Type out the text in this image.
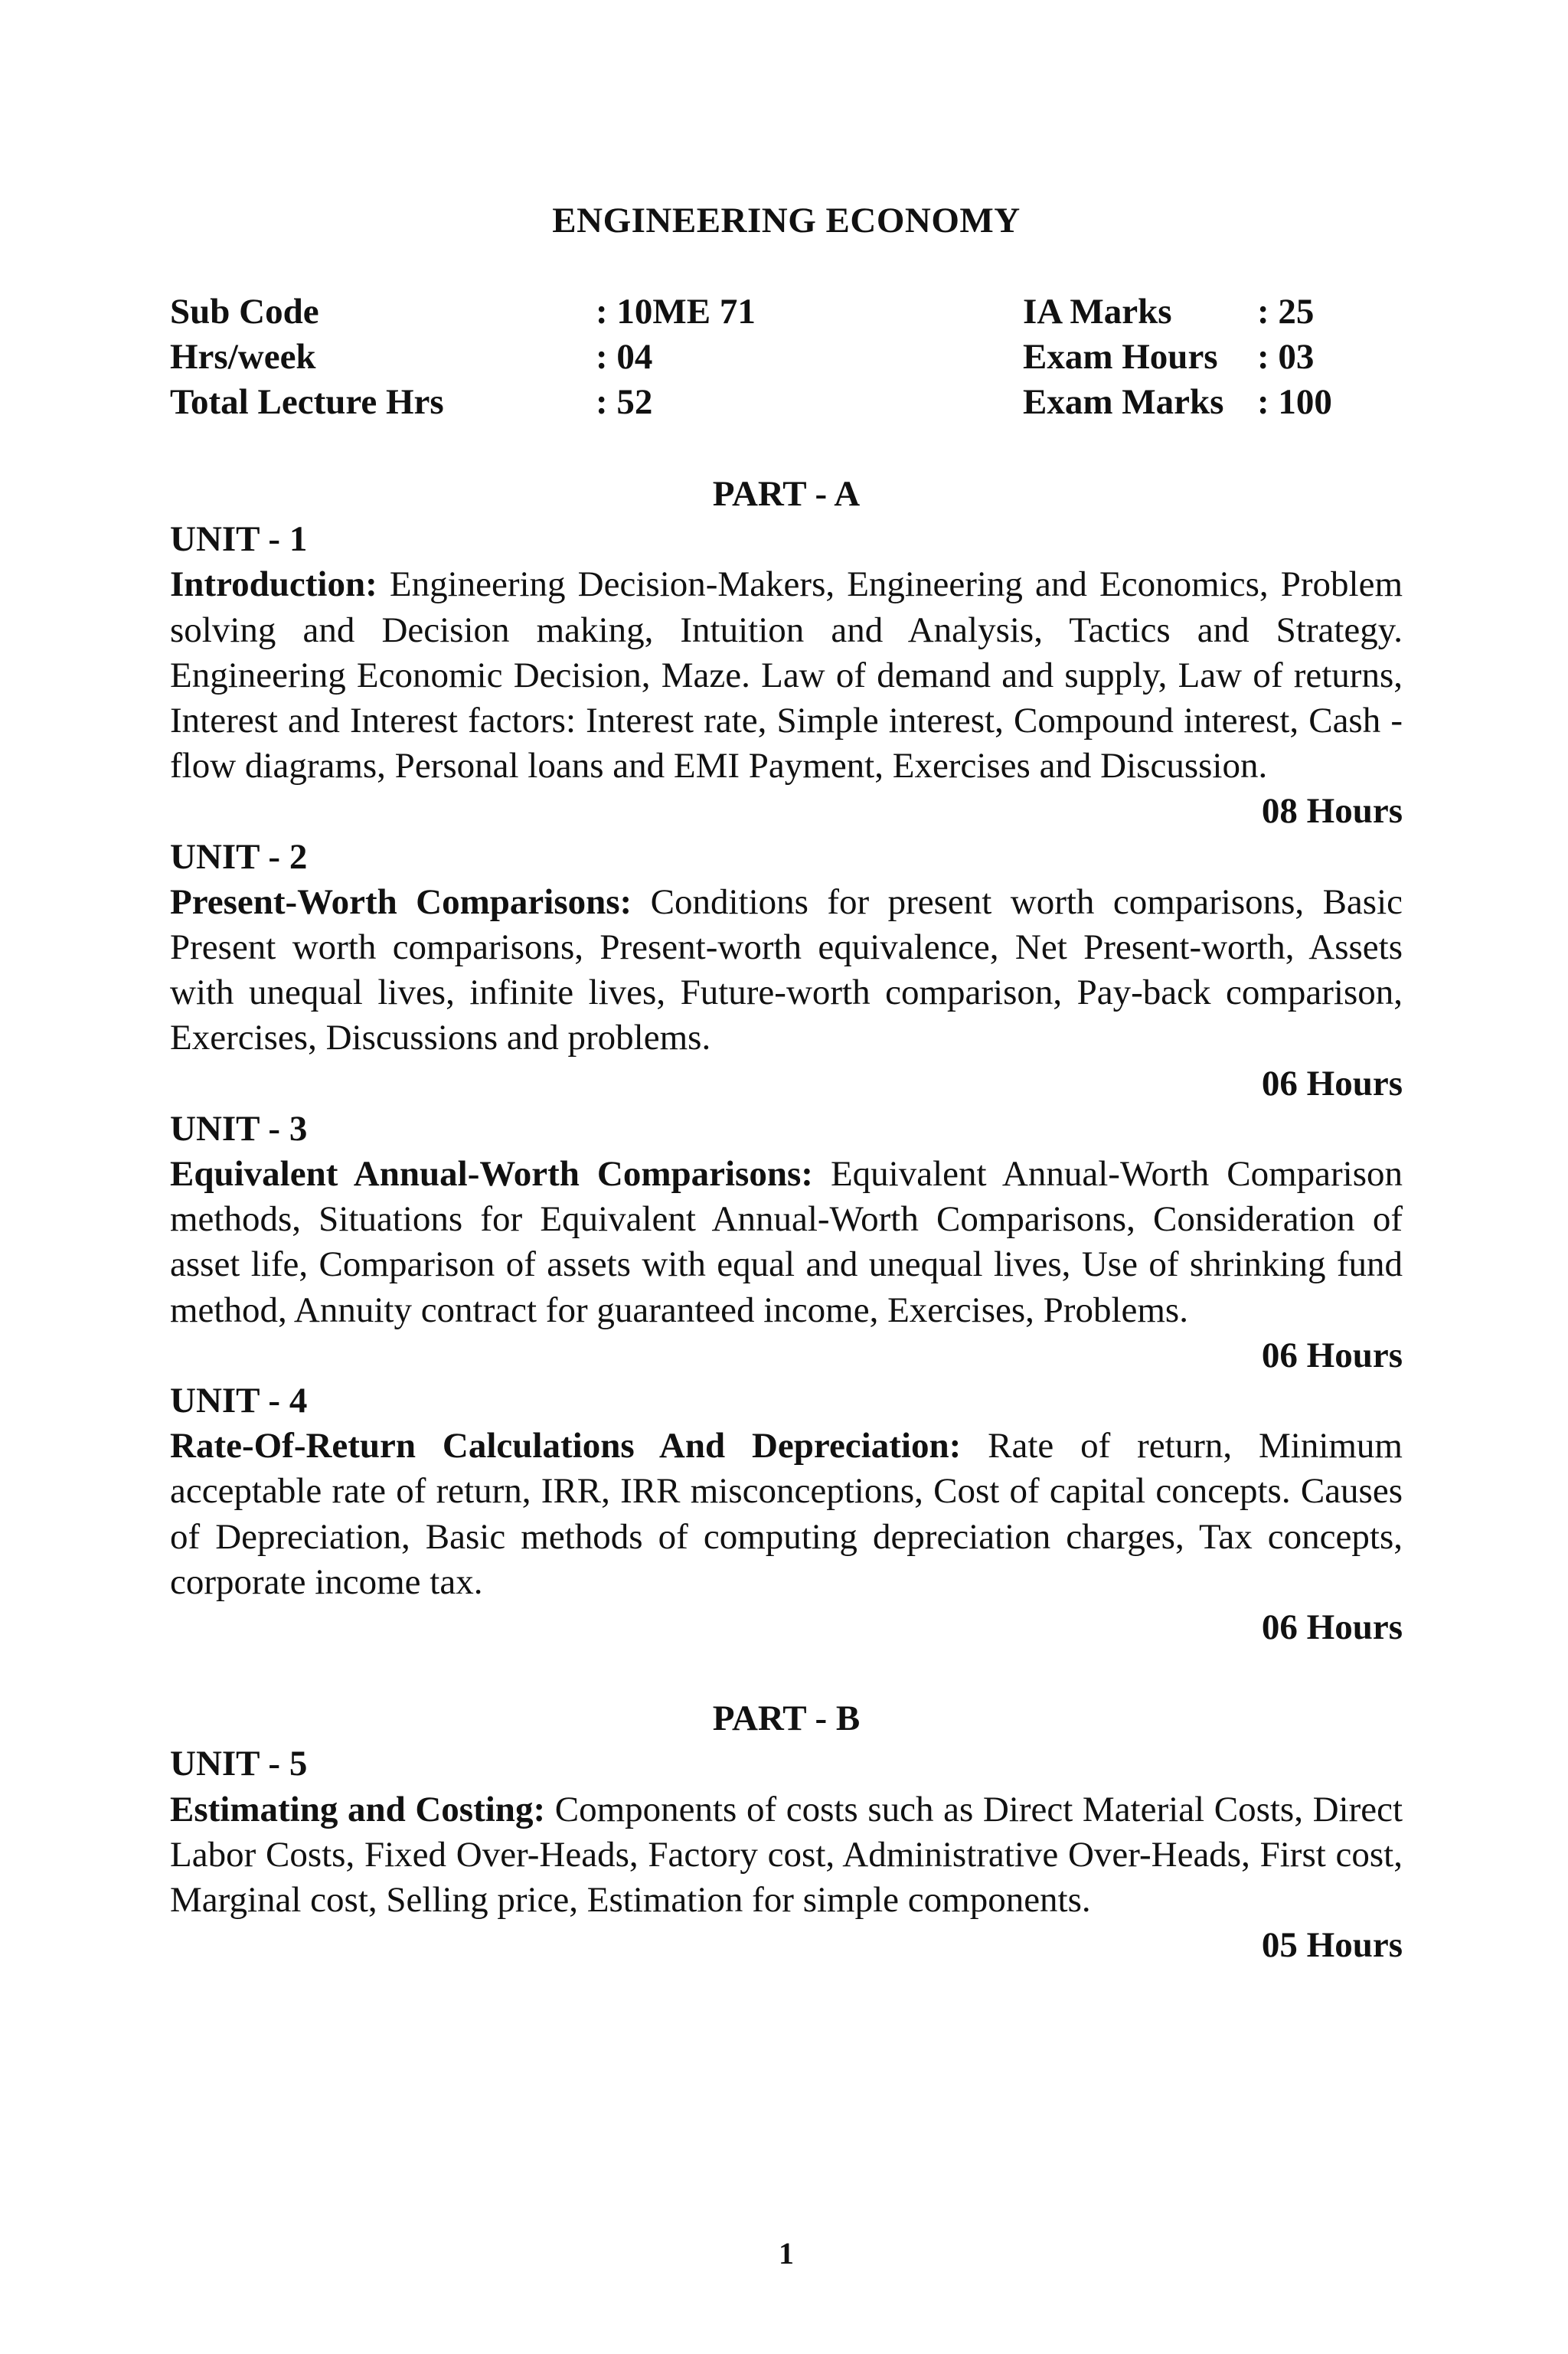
ENGINEERING ECONOMY
Sub Code	: 10ME 71	IA Marks : 25
Hrs/week	: 04	Exam Hours : 03
Total Lecture Hrs	: 52	Exam Marks : 100
PART - A
UNIT - 1

Introduction: Engineering Decision-Makers, Engineering and Economics, Problem solving and Decision making, Intuition and Analysis, Tactics and Strategy. Engineering Economic Decision, Maze. Law of demand and supply, Law of returns, Interest and Interest factors: Interest rate, Simple interest, Compound interest, Cash - flow diagrams, Personal loans and EMI Payment, Exercises and Discussion.

08 Hours
UNIT - 2

Present-Worth Comparisons: Conditions for present worth comparisons, Basic Present worth comparisons, Present-worth equivalence, Net Present-worth, Assets with unequal lives, infinite lives, Future-worth comparison, Pay-back comparison, Exercises, Discussions and problems.

06 Hours
UNIT - 3

Equivalent Annual-Worth Comparisons: Equivalent Annual-Worth Comparison methods, Situations for Equivalent Annual-Worth Comparisons, Consideration of asset life, Comparison of assets with equal and unequal lives, Use of shrinking fund method, Annuity contract for guaranteed income, Exercises, Problems.

06 Hours
UNIT - 4

Rate-Of-Return Calculations And Depreciation: Rate of return, Minimum acceptable rate of return, IRR, IRR misconceptions, Cost of capital concepts. Causes of Depreciation, Basic methods of computing depreciation charges, Tax concepts, corporate income tax.

06 Hours
PART - B
UNIT - 5

Estimating and Costing: Components of costs such as Direct Material Costs, Direct Labor Costs, Fixed Over-Heads, Factory cost, Administrative Over-Heads, First cost, Marginal cost, Selling price, Estimation for simple components.

05 Hours
1
